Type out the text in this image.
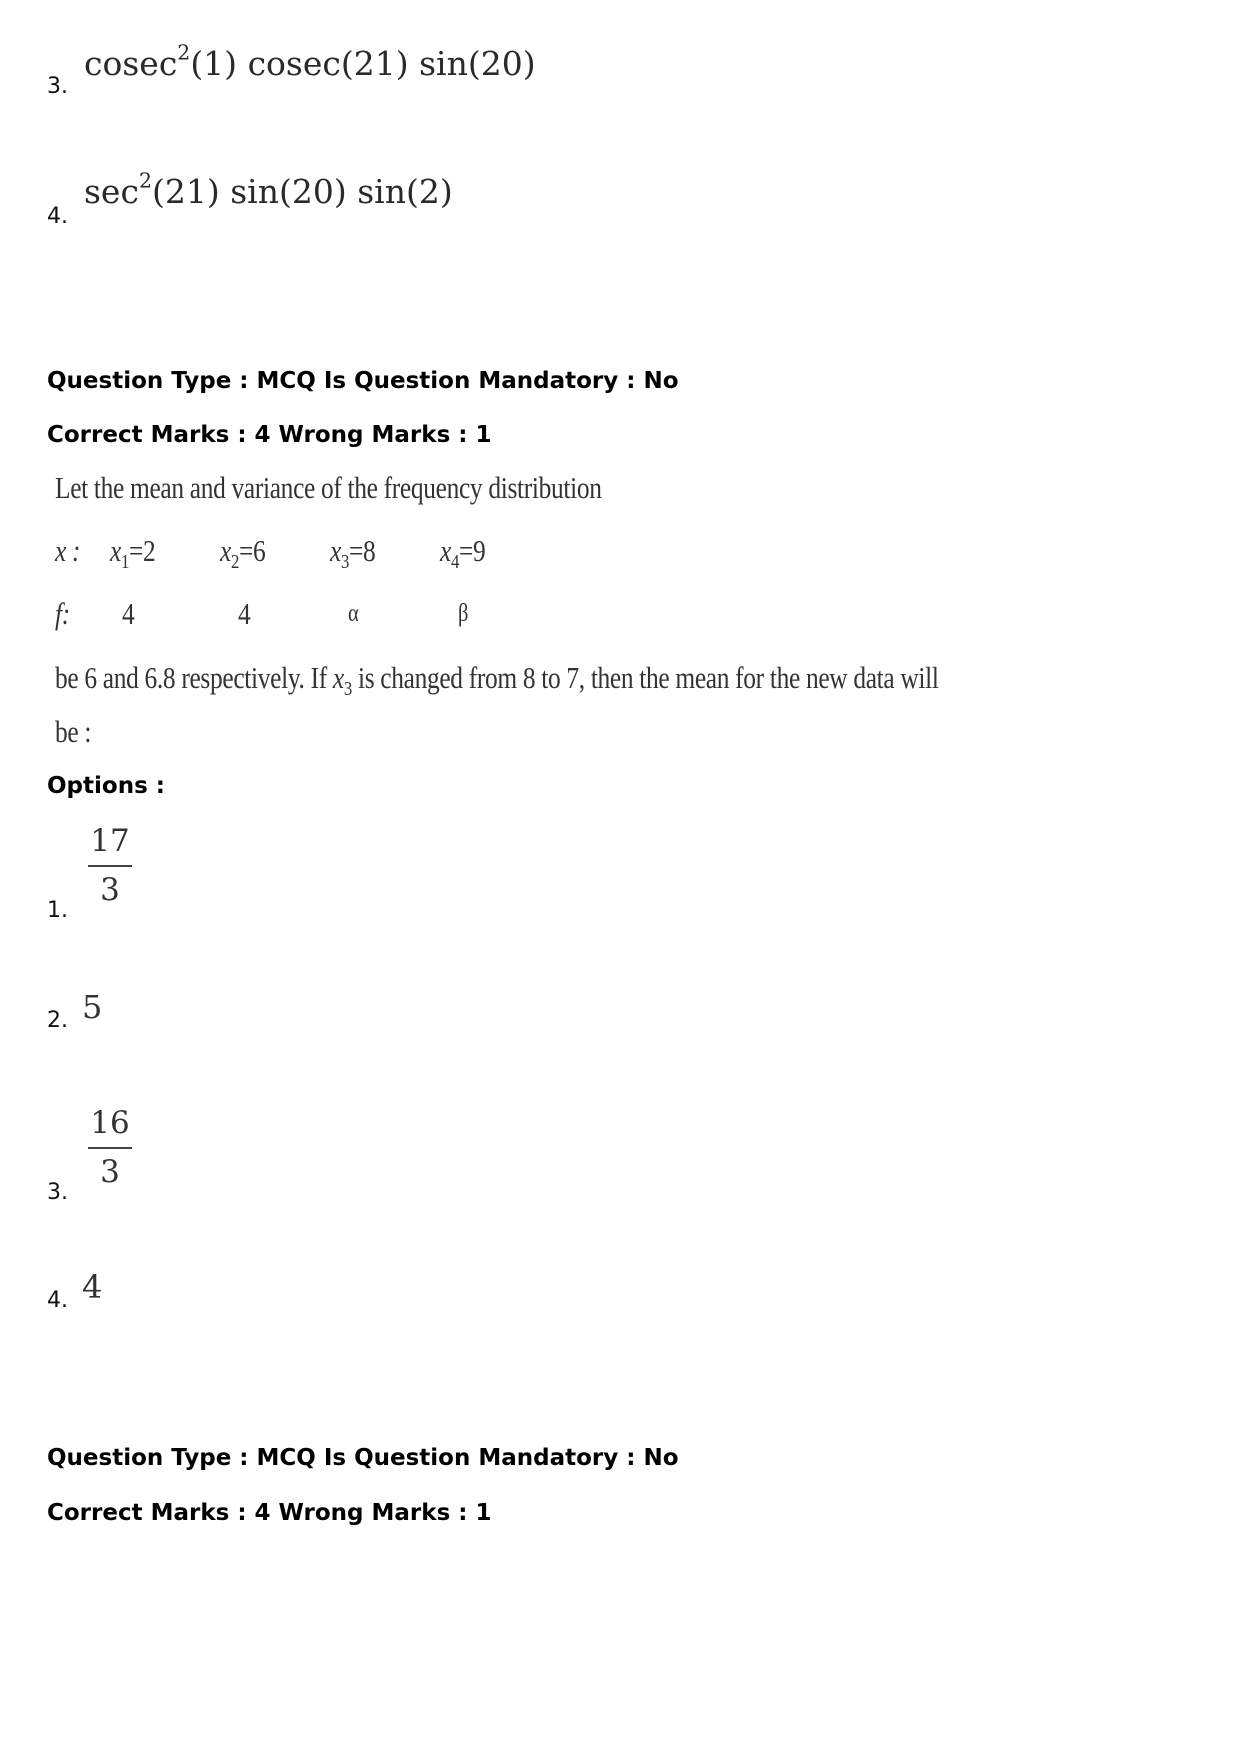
3.
cosec$^2$(1) cosec(21) sin(20)
4.
$\sec^2(21)$ sin(20) sin(2)
Question Type : MCQ Is Question Mandatory : No
Correct Marks : 4 Wrong Marks : 1
Let the mean and variance of the frequency distribution
x : $x_1=2$ $x_2=6$ $x_3=8$ $x_4=9$
f: 4	4	α	β
be 6 and 6.8 respectively. If $x_3$ is changed from 8 to 7, then the mean for the new data will
be :
Options :
1.
17
3
2. 5
3.
16
3
4. 4
Question Type : MCQ Is Question Mandatory : No
Correct Marks : 4 Wrong Marks : 1
